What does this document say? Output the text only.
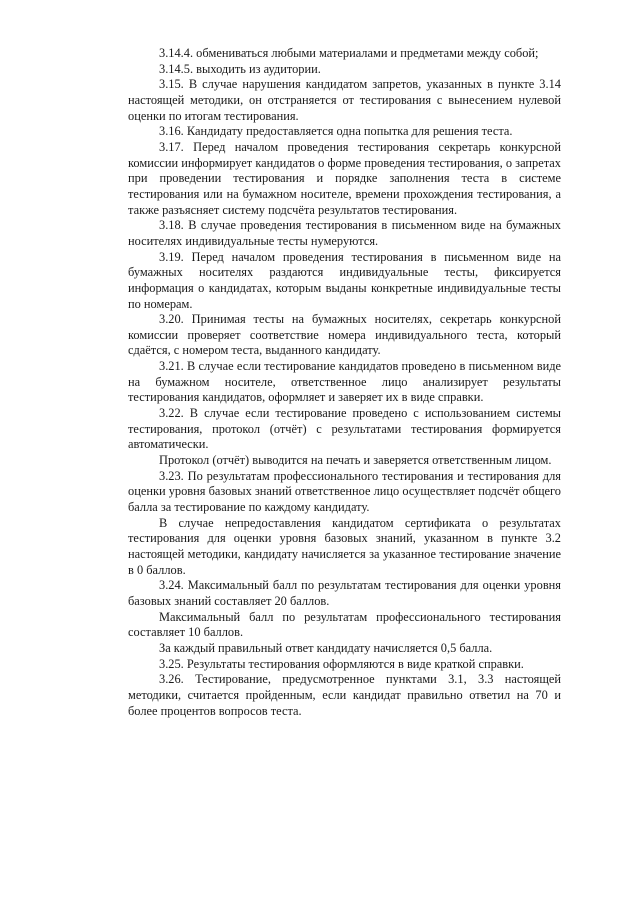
3.14.4. обмениваться любыми материалами и предметами между собой;

3.14.5. выходить из аудитории.

3.15. В случае нарушения кандидатом запретов, указанных в пункте 3.14 настоящей методики, он отстраняется от тестирования с вынесением нулевой оценки по итогам тестирования.

3.16. Кандидату предоставляется одна попытка для решения теста.

3.17. Перед началом проведения тестирования секретарь конкурсной комиссии информирует кандидатов о форме проведения тестирования, о запретах при проведении тестирования и порядке заполнения теста в системе тестирования или на бумажном носителе, времени прохождения тестирования, а также разъясняет систему подсчёта результатов тестирования.

3.18. В случае проведения тестирования в письменном виде на бумажных носителях индивидуальные тесты нумеруются.

3.19. Перед началом проведения тестирования в письменном виде на бумажных носителях раздаются индивидуальные тесты, фиксируется информация о кандидатах, которым выданы конкретные индивидуальные тесты по номерам.

3.20. Принимая тесты на бумажных носителях, секретарь конкурсной комиссии проверяет соответствие номера индивидуального теста, который сдаётся, с номером теста, выданного кандидату.

3.21. В случае если тестирование кандидатов проведено в письменном виде на бумажном носителе, ответственное лицо анализирует результаты тестирования кандидатов, оформляет и заверяет их в виде справки.

3.22. В случае если тестирование проведено с использованием системы тестирования, протокол (отчёт) с результатами тестирования формируется автоматически.

Протокол (отчёт) выводится на печать и заверяется ответственным лицом.

3.23. По результатам профессионального тестирования и тестирования для оценки уровня базовых знаний ответственное лицо осуществляет подсчёт общего балла за тестирование по каждому кандидату.

В случае непредоставления кандидатом сертификата о результатах тестирования для оценки уровня базовых знаний, указанном в пункте 3.2 настоящей методики, кандидату начисляется за указанное тестирование значение в 0 баллов.

3.24. Максимальный балл по результатам тестирования для оценки уровня базовых знаний составляет 20 баллов.

Максимальный балл по результатам профессионального тестирования составляет 10 баллов.

За каждый правильный ответ кандидату начисляется 0,5 балла.

3.25. Результаты тестирования оформляются в виде краткой справки.

3.26. Тестирование, предусмотренное пунктами 3.1, 3.3 настоящей методики, считается пройденным, если кандидат правильно ответил на 70 и более процентов вопросов теста.
